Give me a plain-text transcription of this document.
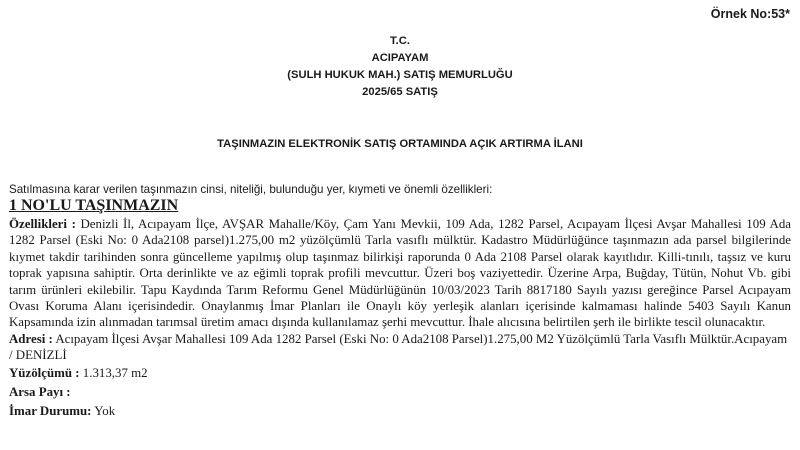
Örnek No:53*
T.C.
ACIPAYAM
(SULH HUKUK MAH.) SATIŞ MEMURLUĞU
2025/65 SATIŞ
TAŞINMAZIN ELEKTRONİK SATIŞ ORTAMINDA AÇIK ARTIRMA İLANI
Satılmasına karar verilen taşınmazın cinsi, niteliği, bulunduğu yer, kıymeti ve önemli özellikleri:
1 NO'LU TAŞINMAZIN

Özellikleri : Denizli İl, Acıpayam İlçe, AVŞAR Mahalle/Köy, Çam Yanı Mevkii, 109 Ada, 1282 Parsel, Acıpayam İlçesi Avşar Mahallesi 109 Ada 1282 Parsel (Eski No: 0 Ada2108 parsel)1.275,00 m2 yüzölçümlü Tarla vasıflı mülktür. Kadastro Müdürlüğünce taşınmazın ada parsel bilgilerinde kıymet takdir tarihinden sonra güncelleme yapılmış olup taşınmaz bilirkişi raporunda 0 Ada 2108 Parsel olarak kayıtlıdır. Killi-tınılı, taşsız ve kuru toprak yapısına sahiptir. Orta derinlikte ve az eğimli toprak profili mevcuttur. Üzeri boş vaziyettedir. Üzerine Arpa, Buğday, Tütün, Nohut Vb. gibi tarım ürünleri ekilebilir. Tapu Kaydında Tarım Reformu Genel Müdürlüğünün 10/03/2023 Tarih 8817180 Sayılı yazısı gereğince Parsel Acıpayam Ovası Koruma Alanı içerisindedir. Onaylanmış İmar Planları ile Onaylı köy yerleşik alanları içerisinde kalmaması halinde 5403 Sayılı Kanun Kapsamında izin alınmadan tarımsal üretim amacı dışında kullanılamaz şerhi mevcuttur. İhale alıcısına belirtilen şerh ile birlikte tescil olunacaktır.

Adresi : Acıpayam İlçesi Avşar Mahallesi 109 Ada 1282 Parsel (Eski No: 0 Ada2108 Parsel)1.275,00 M2 Yüzölçümlü Tarla Vasıflı Mülktür.Acıpayam / DENİZLİ

Yüzölçümü : 1.313,37 m2

Arsa Payı :

İmar Durumu: Yok
